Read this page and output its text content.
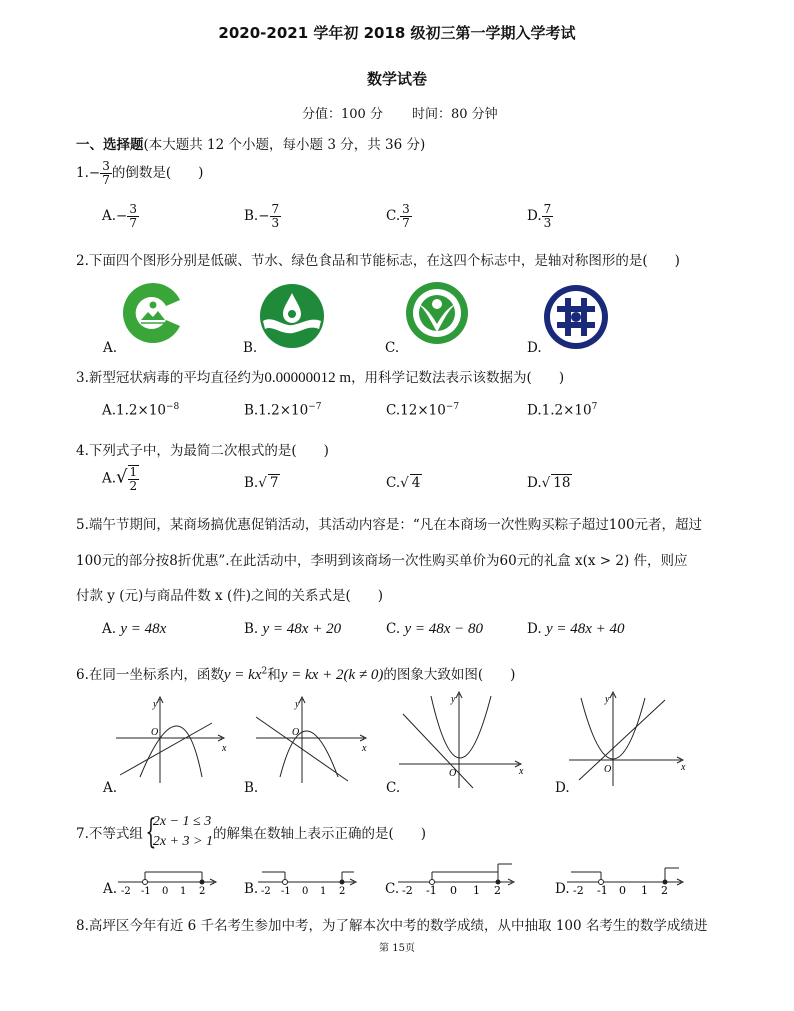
2020-2021 学年初 2018 级初三第一学期入学考试
数学试卷
分值：100 分 时间：80 分钟
一、选择题(本大题共 12 个小题，每小题 3 分，共 36 分)
$1.- \frac{3}{7}$ 的倒数是(　　)
$A.- \frac{3}{7}$	$B.- \frac{7}{3}$	C. $\frac{3}{7}$	D. $\frac{7}{3}$
2.下面四个图形分别是低碳、节水、绿色食品和节能标志，在这四个标志中，是轴对称图形的是(　　)
A.	B.	C.	D.
3.新型冠状病毒的平均直径约为0.00000012 m，用科学记数法表示该数据为(　　)
$A.1.2\times 10^{-8}$	$B.1.2\times 10^{-7}$	$C.12\times 10^{-7}$	$D.1.2\times 10^7$
4.下列式子中，为最简二次根式的是(　　)
$A.√ \frac{1}{2}$	B.√ 7	C.√ 4	D.√ 18
5.端午节期间，某商场搞优惠促销活动，其活动内容是：“凡在本商场一次性购买粽子超过100元者，超过
100元的部分按8折优惠”.在此活动中，李明到该商场一次性购买单价为60元的礼盒 x(x > 2) 件，则应
付款 y (元)与商品件数 x (件)之间的关系式是(　　)
A. y = 48x	B. y = 48x + 20	C. y = 48x − 80	D. y = 48x + 40
6.在同一坐标系内，函数$y = kx^2$和y = kx + 2(k ≠ 0)的图象大致如图(　　)
x
y
O
x
y
O
x
y
O
x
y
O
A.	B.	C.	D.
7.不等式组{
2x − 1 ≤ 3
2x + 3 > 1 的解集在数轴上表示正确的是(　　)
-2 -1 0 1 2	-2 -1 0 1 2	-2 -1 0 1 2	-2 -1 0 1 2
A.	B.	C.	D.
8.高坪区今年有近 6 千名考生参加中考，为了解本次中考的数学成绩，从中抽取 100 名考生的数学成绩进
第 15页
